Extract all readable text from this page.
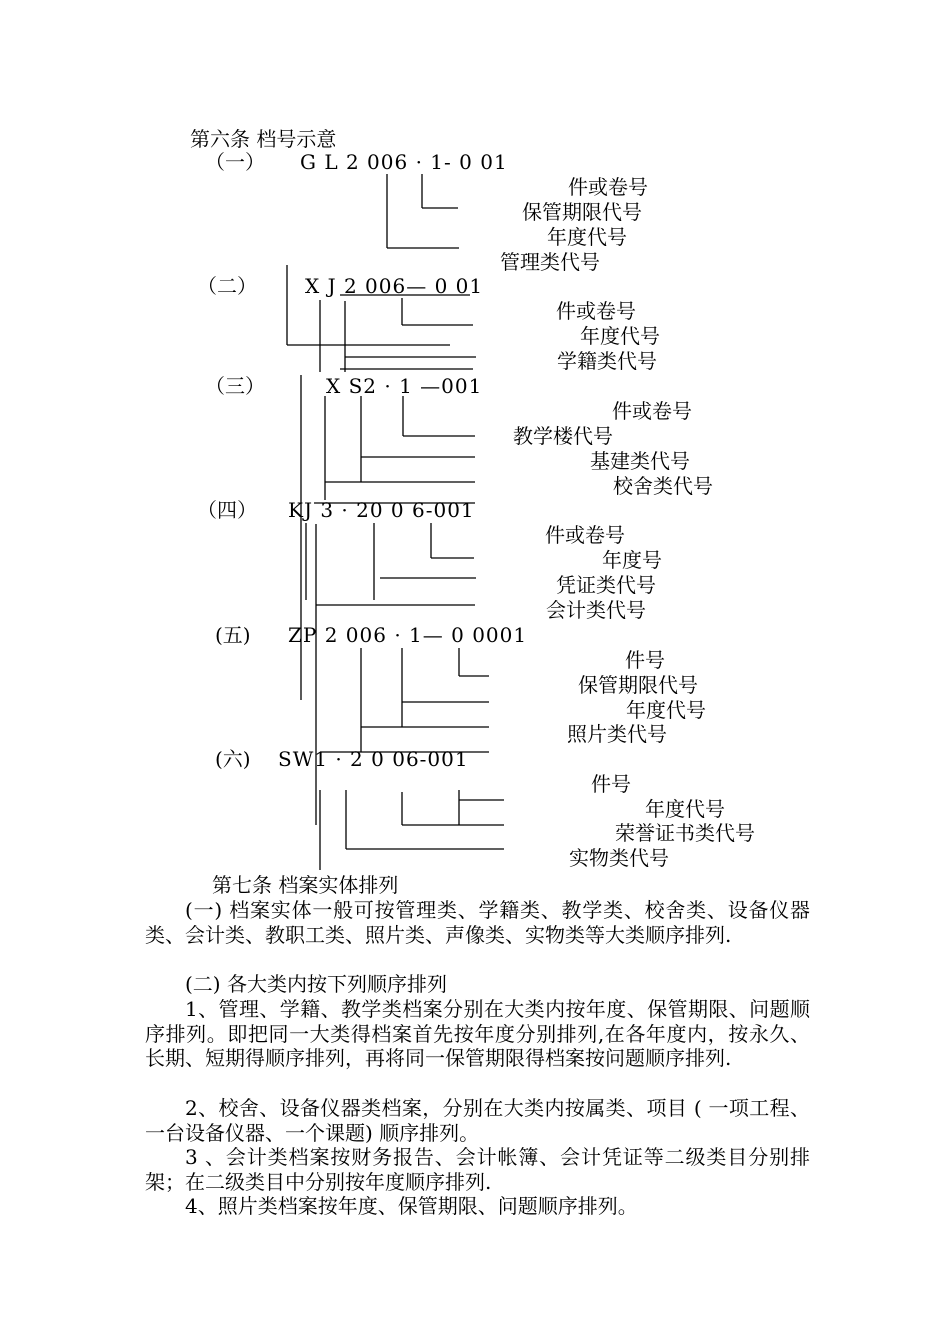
第六条 档号示意
（一） G L 2 006 · 1- 0 01
件或卷号
保管期限代号
年度代号
管理类代号
（二） X J 2 006— 0 01
件或卷号
年度代号
学籍类代号
（三）	X S2 · 1 —001
件或卷号
教学楼代号
基建类代号
校舍类代号
（四） KJ 3 · 20 0 6-001
件或卷号
年度号
凭证类代号
会计类代号
(五) ZP 2 006 · 1— 0 0001
件号
保管期限代号
年度代号
照片类代号
(六) SW1 · 2 0 06-001
件号
年度代号
荣誉证书类代号
实物类代号
第七条 档案实体排列
(一) 档案实体一般可按管理类、学籍类、教学类、校舍类、设备仪器类、会计类、教职工类、照片类、声像类、实物类等大类顺序排列.
(二) 各大类内按下列顺序排列
1、管理、学籍、教学类档案分别在大类内按年度、保管期限、问题顺序排列。即把同一大类得档案首先按年度分别排列,在各年度内，按永久、长期、短期得顺序排列，再将同一保管期限得档案按问题顺序排列.
2、校舍、设备仪器类档案，分别在大类内按属类、项目 ( 一项工程、一台设备仪器、一个课题) 顺序排列。
3 、会计类档案按财务报告、会计帐簿、会计凭证等二级类目分别排架；在二级类目中分别按年度顺序排列.
4、照片类档案按年度、保管期限、问题顺序排列。
